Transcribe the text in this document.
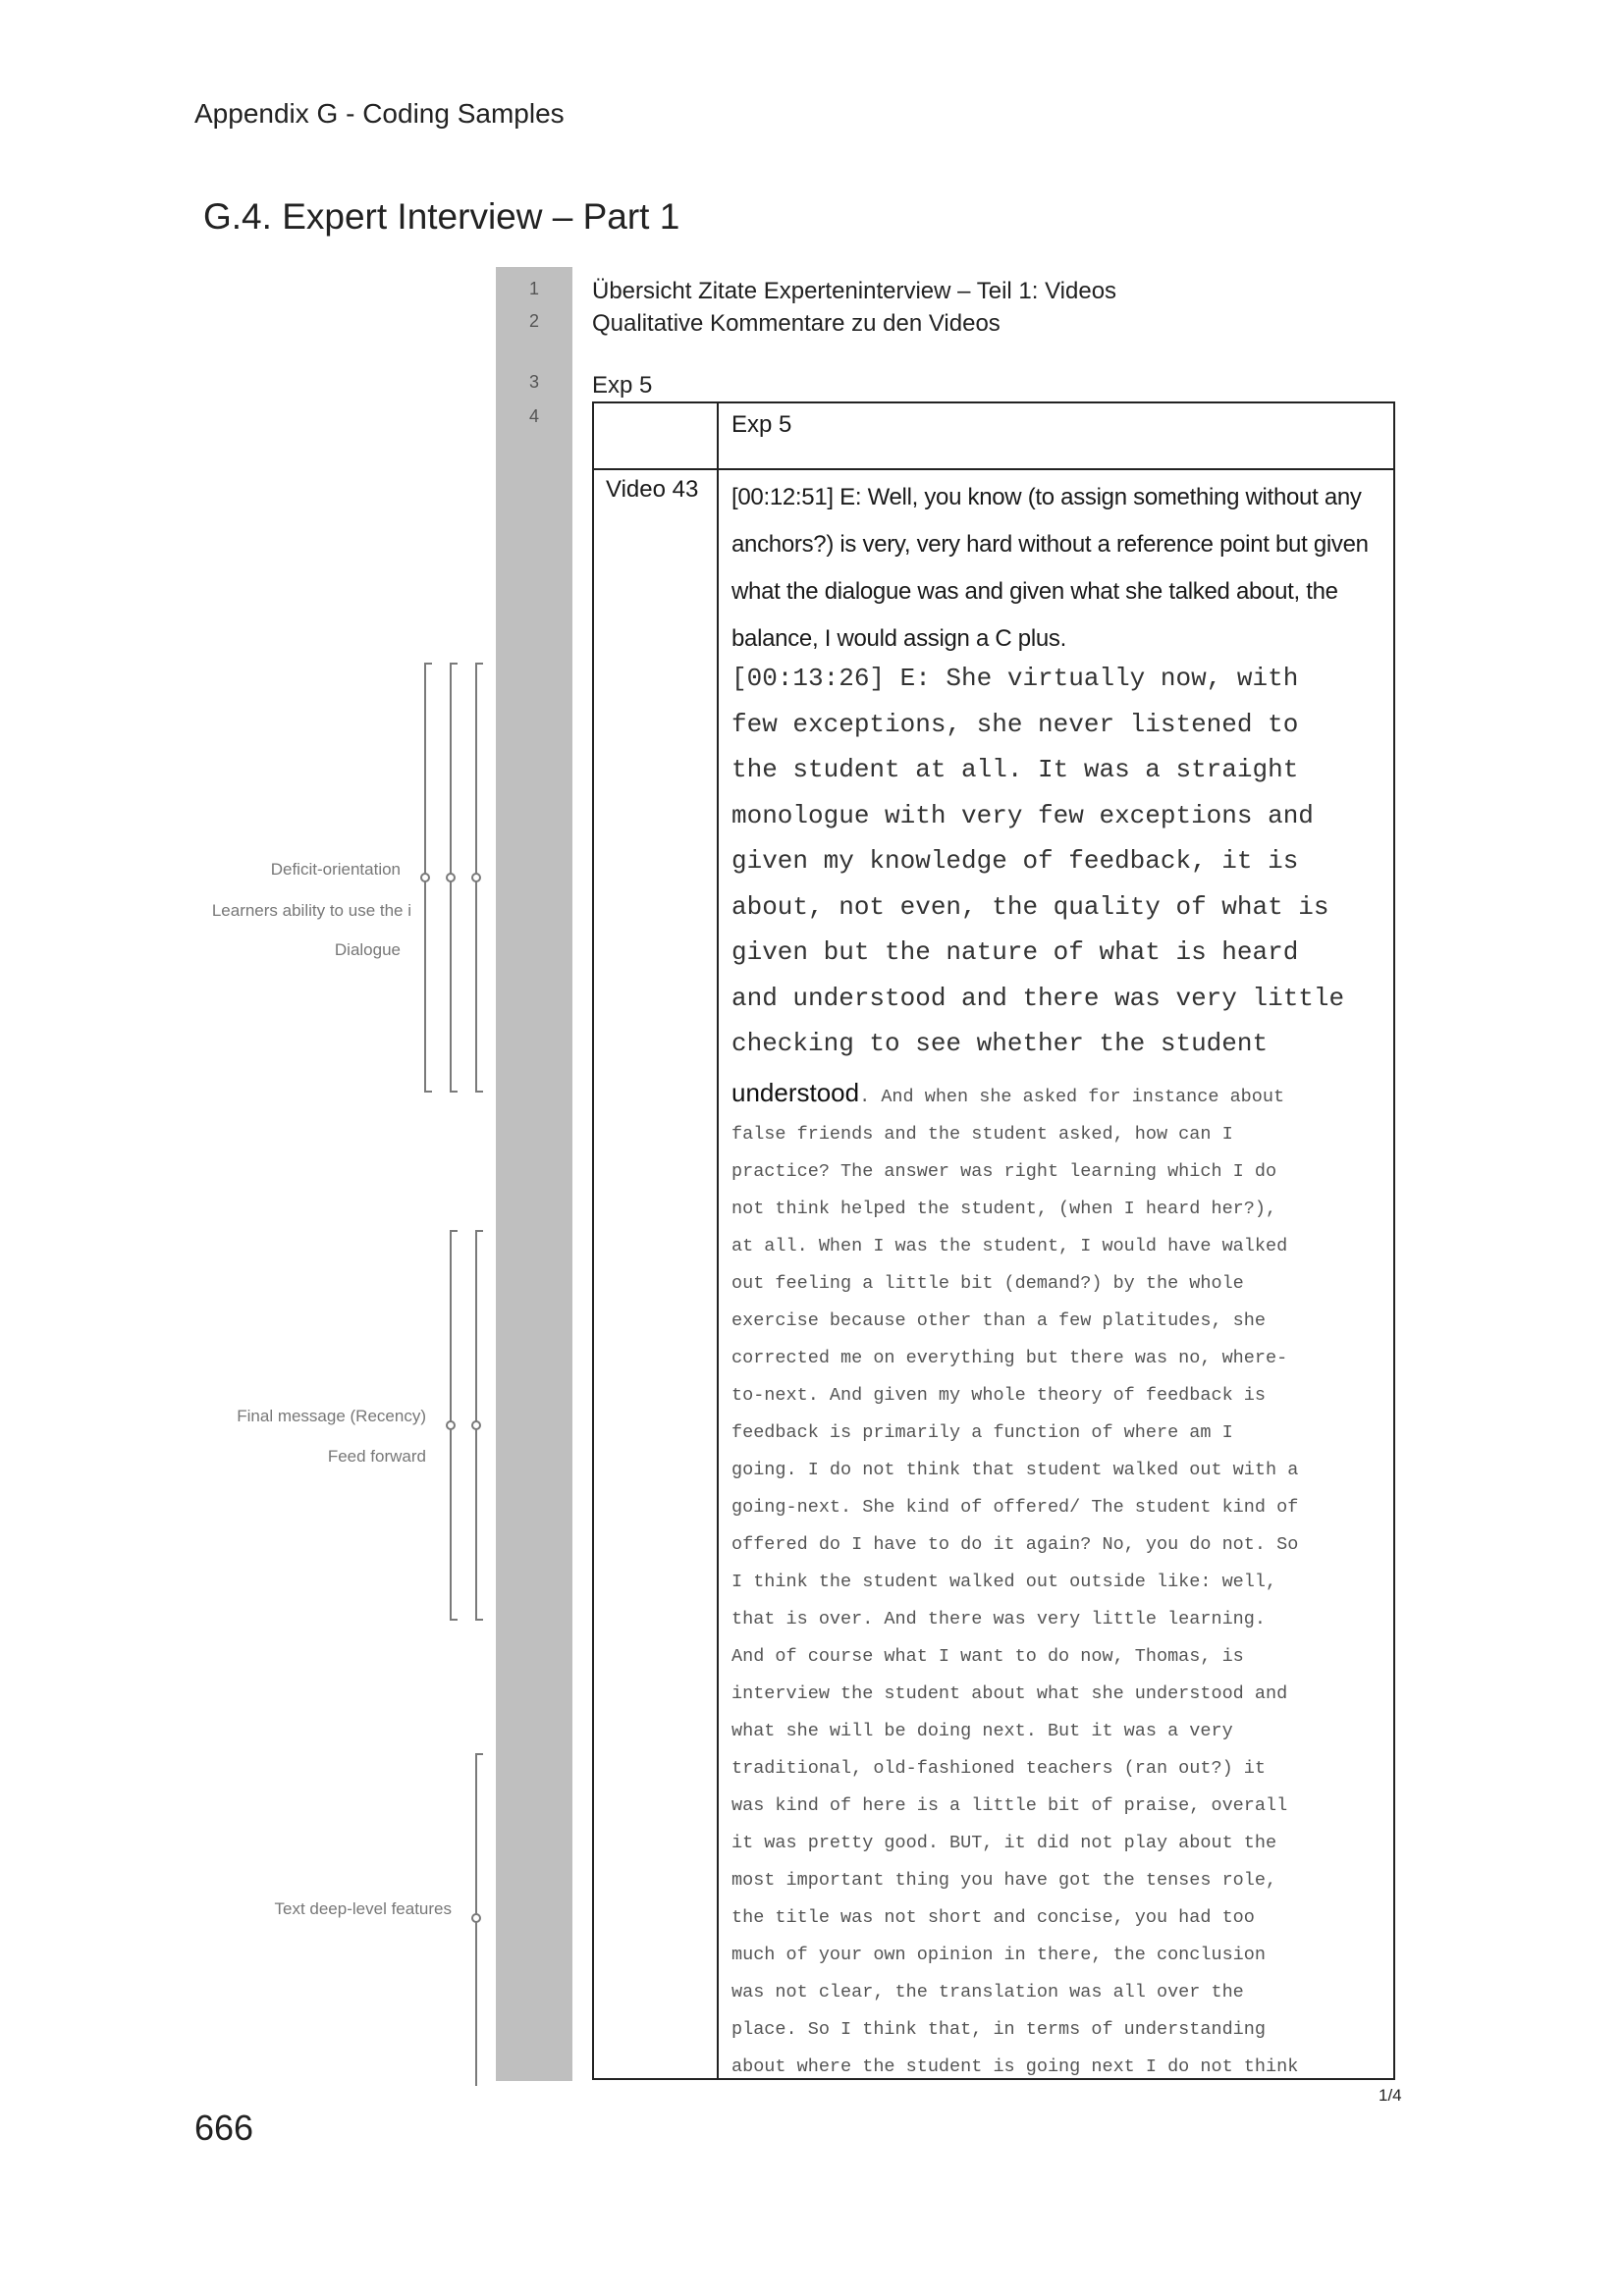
Appendix G - Coding Samples
G.4. Expert Interview – Part 1
1
2
3
4
Übersicht Zitate Experteninterview – Teil 1: Videos
Qualitative Kommentare zu den Videos
Exp 5
Exp 5
Video 43 [00:12:51] E: Well, you know (to assign something without any anchors?) is very, very hard without a reference point but given what the dialogue was and given what she talked about, the balance, I would assign a C plus.
[00:13:26] E: She virtually now, with
few exceptions, she never listened to
the student at all. It was a straight
monologue with very few exceptions and
given my knowledge of feedback, it is
about, not even, the quality of what is
given but the nature of what is heard
and understood and there was very little
checking to see whether the student
understood. And when she asked for instance about
false friends and the student asked, how can I
practice? The answer was right learning which I do
not think helped the student, (when I heard her?),
at all. When I was the student, I would have walked
out feeling a little bit (demand?) by the whole
exercise because other than a few platitudes, she
corrected me on everything but there was no, where-
to-next. And given my whole theory of feedback is
feedback is primarily a function of where am I
going. I do not think that student walked out with a
going-next. She kind of offered/ The student kind of
offered do I have to do it again? No, you do not. So
I think the student walked out outside like: well,
that is over. And there was very little learning.
And of course what I want to do now, Thomas, is
interview the student about what she understood and
what she will be doing next. But it was a very
traditional, old-fashioned teachers (ran out?) it
was kind of here is a little bit of praise, overall
it was pretty good. BUT, it did not play about the
most important thing you have got the tenses role,
the title was not short and concise, you had too
much of your own opinion in there, the conclusion
was not clear, the translation was all over the
place. So I think that, in terms of understanding
about where the student is going next I do not think
1/4
Deficit-orientation
Learners ability to use the i
Dialogue
Final message (Recency)
Feed forward
Text deep-level features
666
